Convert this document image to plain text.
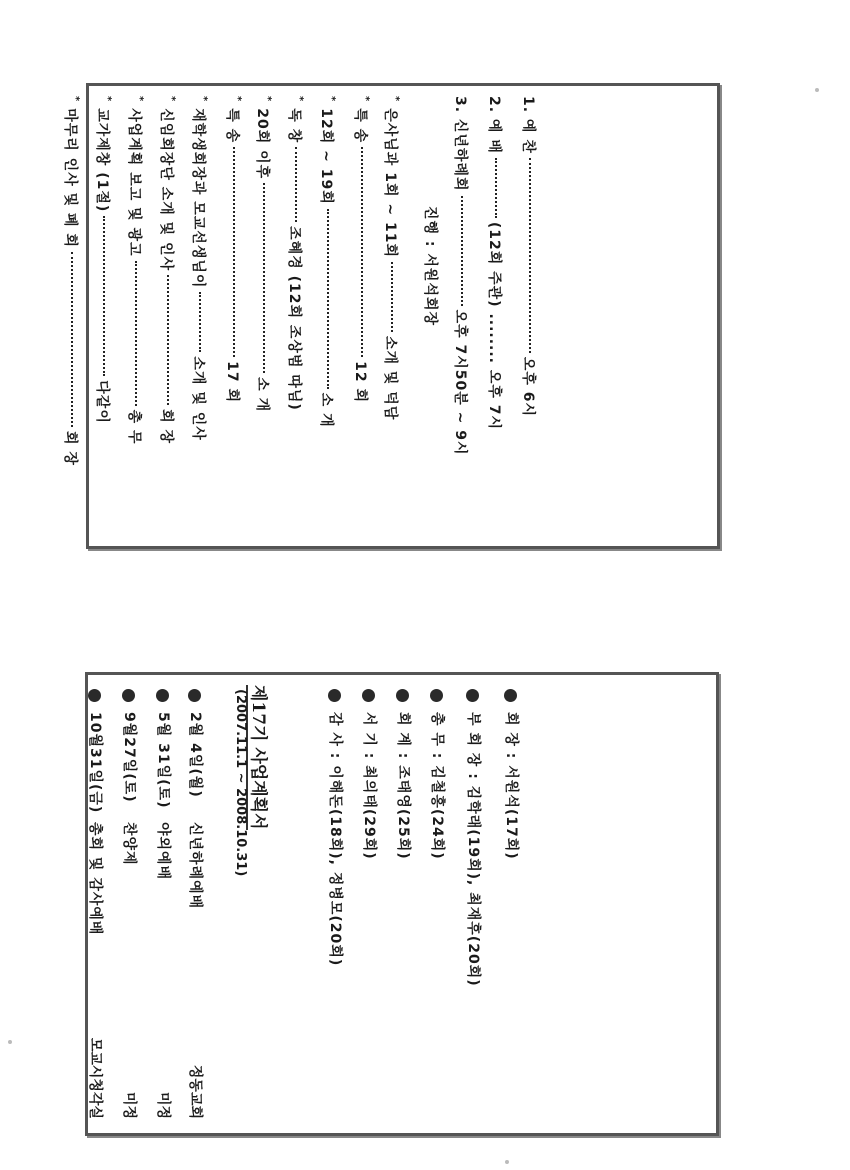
1. 예 찬오후 6시
2. 예 배(12회 주관) ........ 오후 7시
3. 신년하례회오후 7시50분 ~ 9시
진행 : 서원석회장
*은사님과 1회 ~ 11회소개 및 덕담
*특 송12 회
*12회 ~ 19회소 개
*독 창조혜경 (12회 조상범 따님)
*20회 이후소 개
*특 송17 회
*재학생회장과 모교선생님이소개 및 인사
*신임회장단 소개 및 인사회 장
*사업계획 보고 및 광고총 무
*교가제창 (1절)다같이
*마무리 인사 및 폐 회회 장
회 장 : 서원석(17회)
부 회 장 : 김학래(19회), 최재후(20회)
총 무 : 김철홍(24회)
회 계 : 조태영(25회)
서 기 : 최의태(29회)
감 사 : 이해돈(18회), 정병모(20회)
제17기 사업계획서
(2007.11.1 ~ 2008.10.31)
2월 4일(월)신년하례예배
정동교회
5월 31일(토)야외예배
미정
9월27일(토)찬양제
미정
10월31일(금)총회 및 감사예배
모교시청각실
